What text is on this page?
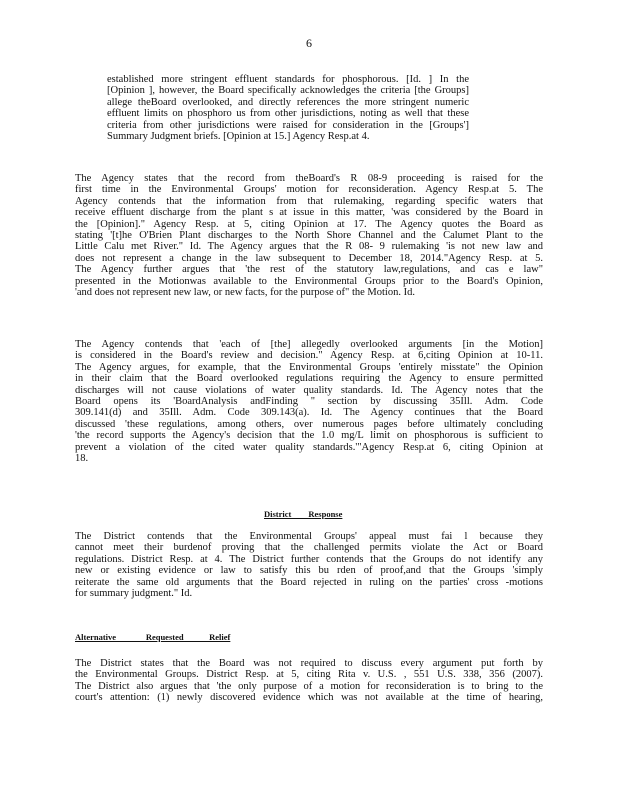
6
established more stringent effluent standards for phosphorous. [Id. ] In the
[Opinion ], however, the Board specifically acknowledges the criteria [the Groups]
allege theBoard overlooked, and directly references the more stringent numeric
effluent limits on phosphoro us from other jurisdictions, noting as well that these
criteria from other jurisdictions were raised for consideration in the [Groups']
Summary Judgment briefs. [Opinion at 15.] Agency Resp.at 4.
The Agency states that the record from theBoard's R 08-9 proceeding is raised for the
first time in the Environmental Groups' motion for reconsideration. Agency Resp.at 5. The
Agency contends that the information from that rulemaking, regarding specific waters that
receive effluent discharge from the plant s at issue in this matter, 'was considered by the Board in
the [Opinion]." Agency Resp. at 5, citing Opinion at 17. The Agency quotes the Board as
stating '[t]he O'Brien Plant discharges to the North Shore Channel and the Calumet Plant to the
Little Calu met River." Id. The Agency argues that the R 08- 9 rulemaking 'is not new law and
does not represent a change in the law subsequent to December 18, 2014."Agency Resp. at 5.
The Agency further argues that 'the rest of the statutory law,regulations, and cas e law"
presented in the Motionwas available to the Environmental Groups prior to the Board's Opinion,
'and does not represent new law, or new facts, for the purpose of" the Motion. Id.
The Agency contends that 'each of [the] allegedly overlooked arguments [in the Motion]
is considered in the Board's review and decision." Agency Resp. at 6,citing Opinion at 10-11.
The Agency argues, for example, that the Environmental Groups 'entirely misstate" the Opinion
in their claim that the Board overlooked regulations requiring the Agency to ensure permitted
discharges will not cause violations of water quality standards. Id. The Agency notes that the
Board opens its 'BoardAnalysis andFinding " section by discussing 35Ill. Adm. Code
309.141(d) and 35Ill. Adm. Code 309.143(a). Id. The Agency continues that the Board
discussed 'these regulations, among others, over numerous pages before ultimately concluding
'the record supports the Agency's decision that the 1.0 mg/L limit on phosphorous is sufficient to
prevent a violation of the cited water quality standards.'"Agency Resp.at 6, citing Opinion at
18.
District        Response
The District contends that the Environmental Groups' appeal must fai l because they
cannot meet their burdenof proving that the challenged permits violate the Act or Board
regulations. District Resp. at 4. The District further contends that the Groups do not identify any
new or existing evidence or law to satisfy this bu rden of proof,and that the Groups 'simply
reiterate the same old arguments that the Board rejected in ruling on the parties' cross -motions
for summary judgment." Id.
Alternative              Requested            Relief
The District states that the Board was not required to discuss every argument put forth by
the Environmental Groups. District Resp. at 5, citing Rita v. U.S. , 551 U.S. 338, 356 (2007).
The District also argues that 'the only purpose of a motion for reconsideration is to bring to the
court's attention: (1) newly discovered evidence which was not available at the time of hearing,
